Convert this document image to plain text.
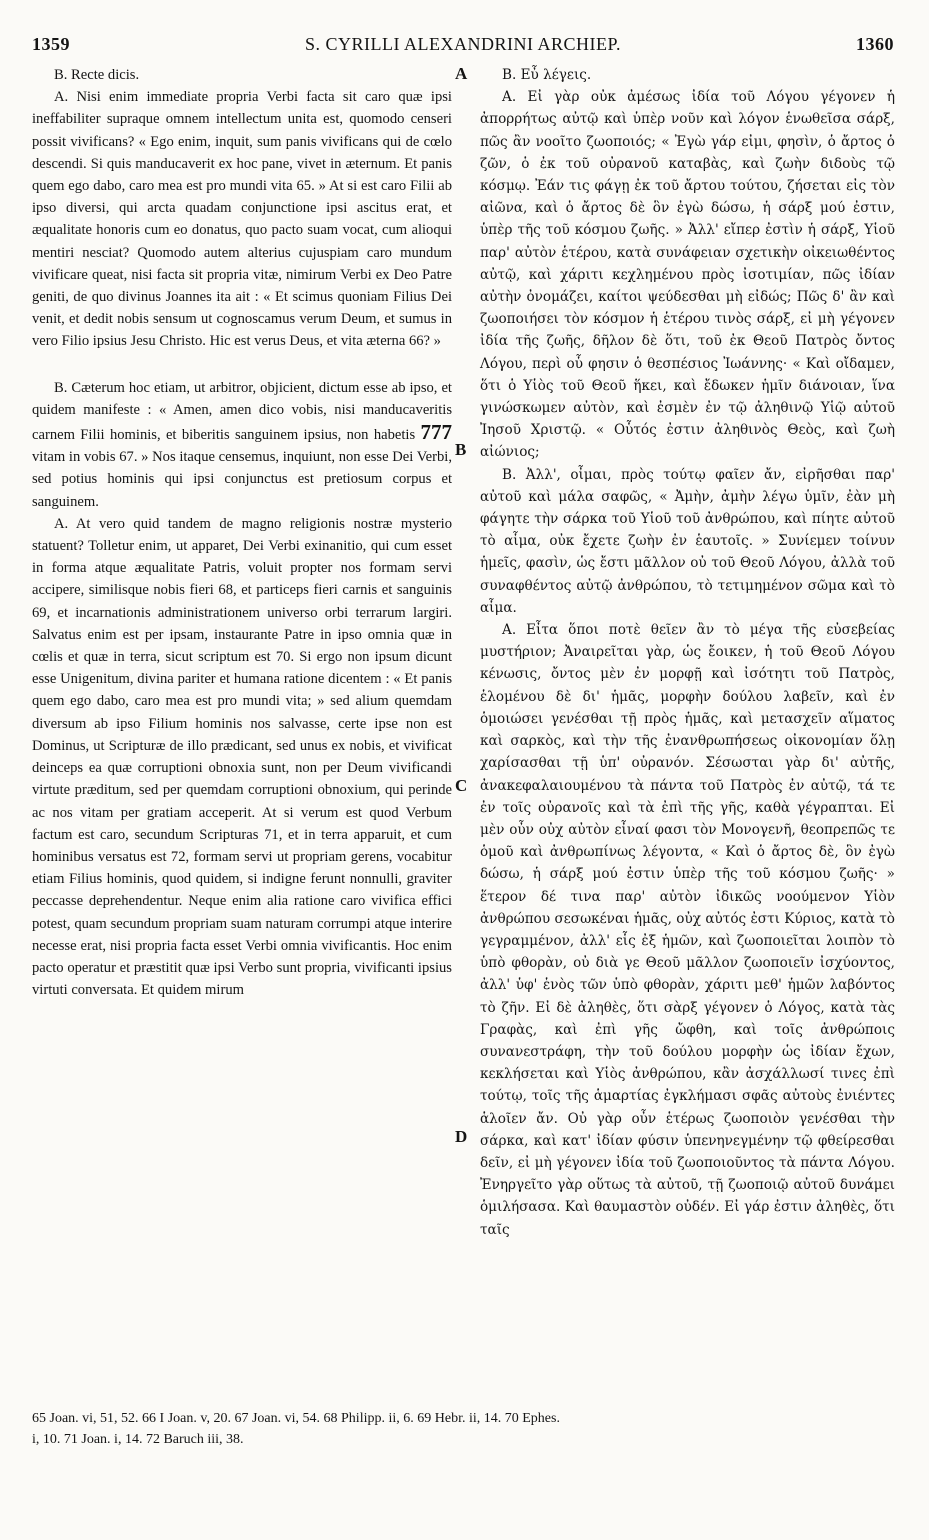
1359	S. CYRILLI ALEXANDRINI ARCHIEP.	1360
A
B
C
D

B. Recte dicis.

A. Nisi enim immediate propria Verbi facta sit caro quæ ipsi ineffabiliter supraque omnem intellectum unita est, quomodo censeri possit vivificans? « Ego enim, inquit, sum panis vivificans qui de cœlo descendi. Si quis manducaverit ex hoc pane, vivet in æternum. Et panis quem ego dabo, caro mea est pro mundi vita 65. » At si est caro Filii ab ipso diversi, qui arcta quadam conjunctione ipsi ascitus erat, et æqualitate honoris cum eo donatus, quo pacto suam vocat, cum alioqui mentiri nesciat? Quomodo autem alterius cujuspiam caro mundum vivificare queat, nisi facta sit propria vitæ, nimirum Verbi ex Deo Patre geniti, de quo divinus Joannes ita ait : « Et scimus quoniam Filius Dei venit, et dedit nobis sensum ut cognoscamus verum Deum, et sumus in vero Filio ipsius Jesu Christo. Hic est verus Deus, et vita æterna 66? »

B. Cæterum hoc etiam, ut arbitror, objicient, dictum esse ab ipso, et quidem manifeste : « Amen, amen dico vobis, nisi manducaveritis carnem Filii hominis, et biberitis sanguinem ipsius, non habetis 777 vitam in vobis 67. » Nos itaque censemus, inquiunt, non esse Dei Verbi, sed potius hominis qui ipsi conjunctus est pretiosum corpus et sanguinem.

A. At vero quid tandem de magno religionis nostræ mysterio statuent? Tolletur enim, ut apparet, Dei Verbi exinanitio, qui cum esset in forma atque æqualitate Patris, voluit propter nos formam servi accipere, similisque nobis fieri 68, et particeps fieri carnis et sanguinis 69, et incarnationis administrationem universo orbi terrarum largiri. Salvatus enim est per ipsam, instaurante Patre in ipso omnia quæ in cœlis et quæ in terra, sicut scriptum est 70. Si ergo non ipsum dicunt esse Unigenitum, divina pariter et humana ratione dicentem : « Et panis quem ego dabo, caro mea est pro mundi vita; » sed alium quemdam diversum ab ipso Filium hominis nos salvasse, certe ipse non est Dominus, ut Scripturæ de illo prædicant, sed unus ex nobis, et vivificat deinceps ea quæ corruptioni obnoxia sunt, non per Deum vivificandi virtute præditum, sed per quemdam corruptioni obnoxium, qui perinde ac nos vitam per gratiam acceperit. At si verum est quod Verbum factum est caro, secundum Scripturas 71, et in terra apparuit, et cum hominibus versatus est 72, formam servi ut propriam gerens, vocabitur etiam Filius hominis, quod quidem, si indigne ferunt nonnulli, graviter peccasse deprehendentur. Neque enim alia ratione caro vivifica effici potest, quam secundum propriam suam naturam corrumpi atque interire necesse erat, nisi propria facta esset Verbi omnia vivificantis. Hoc enim pacto operatur et præstitit quæ ipsi Verbo sunt propria, vivificanti ipsius virtuti conversata. Et quidem mirum

B. Εὖ λέγεις.

A. Εἰ γὰρ οὐκ ἀμέσως ἰδία τοῦ Λόγου γέγονεν ἡ ἀπορρήτως αὐτῷ καὶ ὑπὲρ νοῦν καὶ λόγον ἑνωθεῖσα σάρξ, πῶς ἂν νοοῖτο ζωοποιός; « Ἐγὼ γάρ εἰμι, φησὶν, ὁ ἄρτος ὁ ζῶν, ὁ ἐκ τοῦ οὐρανοῦ καταβὰς, καὶ ζωὴν διδοὺς τῷ κόσμῳ. Ἐάν τις φάγῃ ἐκ τοῦ ἄρτου τούτου, ζήσεται εἰς τὸν αἰῶνα, καὶ ὁ ἄρτος δὲ ὃν ἐγὼ δώσω, ἡ σάρξ μού ἐστιν, ὑπὲρ τῆς τοῦ κόσμου ζωῆς. » Ἀλλ' εἴπερ ἐστὶν ἡ σάρξ, Υἱοῦ παρ' αὐτὸν ἑτέρου, κατὰ συνάφειαν σχετικὴν οἰκειωθέντος αὐτῷ, καὶ χάριτι κεχλημένου πρὸς ἰσοτιμίαν, πῶς ἰδίαν αὐτὴν ὀνομάζει, καίτοι ψεύδεσθαι μὴ εἰδώς; Πῶς δ' ἂν καὶ ζωοποιήσει τὸν κόσμον ἡ ἑτέρου τινὸς σάρξ, εἰ μὴ γέγονεν ἰδία τῆς ζωῆς, δῆλον δὲ ὅτι, τοῦ ἐκ Θεοῦ Πατρὸς ὄντος Λόγου, περὶ οὗ φησιν ὁ θεσπέσιος Ἰωάννης· « Καὶ οἴδαμεν, ὅτι ὁ Υἱὸς τοῦ Θεοῦ ἥκει, καὶ ἔδωκεν ἡμῖν διάνοιαν, ἵνα γινώσκωμεν αὐτὸν, καὶ ἐσμὲν ἐν τῷ ἀληθινῷ Υἱῷ αὐτοῦ Ἰησοῦ Χριστῷ. « Οὗτός ἐστιν ἀληθινὸς Θεὸς, καὶ ζωὴ αἰώνιος;

B. Ἀλλ', οἶμαι, πρὸς τούτῳ φαῖεν ἄν, εἰρῆσθαι παρ' αὐτοῦ καὶ μάλα σαφῶς, « Ἀμὴν, ἀμὴν λέγω ὑμῖν, ἐὰν μὴ φάγητε τὴν σάρκα τοῦ Υἱοῦ τοῦ ἀνθρώπου, καὶ πίητε αὐτοῦ τὸ αἷμα, οὐκ ἔχετε ζωὴν ἐν ἑαυτοῖς. » Συνίεμεν τοίνυν ἡμεῖς, φασὶν, ὡς ἔστι μᾶλλον οὐ τοῦ Θεοῦ Λόγου, ἀλλὰ τοῦ συναφθέντος αὐτῷ ἀνθρώπου, τὸ τετιμημένον σῶμα καὶ τὸ αἷμα.

A. Εἶτα ὅποι ποτὲ θεῖεν ἂν τὸ μέγα τῆς εὐσεβείας μυστήριον; Ἀναιρεῖται γὰρ, ὡς ἔοικεν, ἡ τοῦ Θεοῦ Λόγου κένωσις, ὄντος μὲν ἐν μορφῇ καὶ ἰσότητι τοῦ Πατρὸς, ἑλομένου δὲ δι' ἡμᾶς, μορφὴν δούλου λαβεῖν, καὶ ἐν ὁμοιώσει γενέσθαι τῇ πρὸς ἡμᾶς, καὶ μετασχεῖν αἵματος καὶ σαρκὸς, καὶ τὴν τῆς ἐνανθρωπήσεως οἰκονομίαν ὅλῃ χαρίσασθαι τῇ ὑπ' οὐρανόν. Σέσωσται γὰρ δι' αὐτῆς, ἀνακεφαλαιουμένου τὰ πάντα τοῦ Πατρὸς ἐν αὐτῷ, τά τε ἐν τοῖς οὐρανοῖς καὶ τὰ ἐπὶ τῆς γῆς, καθὰ γέγραπται. Εἰ μὲν οὖν οὐχ αὐτὸν εἶναί φασι τὸν Μονογενῆ, θεοπρεπῶς τε ὁμοῦ καὶ ἀνθρωπίνως λέγοντα, « Καὶ ὁ ἄρτος δὲ, ὃν ἐγὼ δώσω, ἡ σάρξ μού ἐστιν ὑπὲρ τῆς τοῦ κόσμου ζωῆς· » ἕτερον δέ τινα παρ' αὐτὸν ἰδικῶς νοούμενον Υἱὸν ἀνθρώπου σεσωκέναι ἡμᾶς, οὐχ αὐτός ἐστι Κύριος, κατὰ τὸ γεγραμμένον, ἀλλ' εἷς ἐξ ἡμῶν, καὶ ζωοποιεῖται λοιπὸν τὸ ὑπὸ φθορὰν, οὐ διὰ γε Θεοῦ μᾶλλον ζωοποιεῖν ἰσχύοντος, ἀλλ' ὑφ' ἑνὸς τῶν ὑπὸ φθορὰν, χάριτι μεθ' ἡμῶν λαβόντος τὸ ζῆν. Εἰ δὲ ἀληθὲς, ὅτι σὰρξ γέγονεν ὁ Λόγος, κατὰ τὰς Γραφὰς, καὶ ἐπὶ γῆς ὤφθη, καὶ τοῖς ἀνθρώποις συνανεστράφη, τὴν τοῦ δούλου μορφὴν ὡς ἰδίαν ἔχων, κεκλήσεται καὶ Υἱὸς ἀνθρώπου, κἂν ἀσχάλλωσί τινες ἐπὶ τούτῳ, τοῖς τῆς ἁμαρτίας ἐγκλήμασι σφᾶς αὐτοὺς ἐνιέντες ἁλοῖεν ἄν. Οὐ γὰρ οὖν ἑτέρως ζωοποιὸν γενέσθαι τὴν σάρκα, καὶ κατ' ἰδίαν φύσιν ὑπενηνεγμένην τῷ φθείρεσθαι δεῖν, εἰ μὴ γέγονεν ἰδία τοῦ ζωοποιοῦντος τὰ πάντα Λόγου. Ἐνηργεῖτο γὰρ οὕτως τὰ αὐτοῦ, τῇ ζωοποιῷ αὐτοῦ δυνάμει ὁμιλήσασα. Καὶ θαυμαστὸν οὐδέν. Εἰ γάρ ἐστιν ἀληθὲς, ὅτι ταῖς

65 Joan. vi, 51, 52. 66 I Joan. v, 20. 67 Joan. vi, 54. 68 Philipp. ii, 6. 69 Hebr. ii, 14. 70 Ephes.
i, 10. 71 Joan. i, 14. 72 Baruch iii, 38.
